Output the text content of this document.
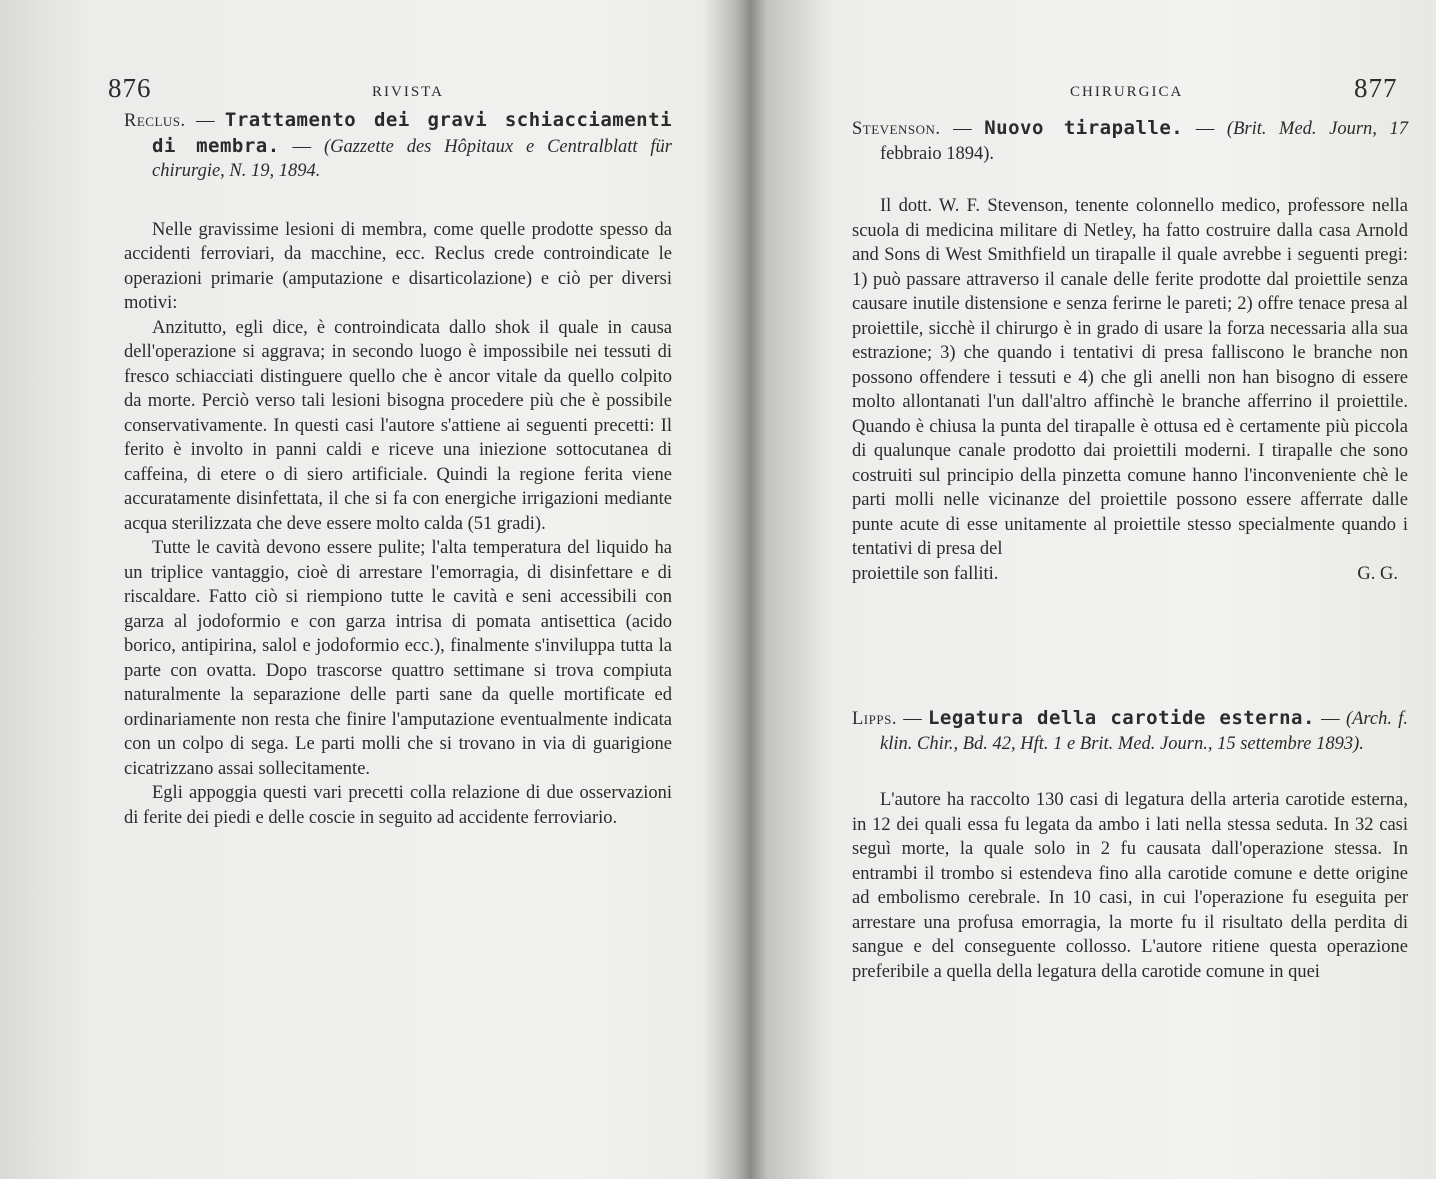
876	RIVISTA

Reclus. — Trattamento dei gravi schiacciamenti di membra. — (Gazzette des Hôpitaux e Centralblatt für chirurgie, N. 19, 1894.

Nelle gravissime lesioni di membra, come quelle prodotte spesso da accidenti ferroviari, da macchine, ecc. Reclus crede controindicate le operazioni primarie (amputazione e disarticolazione) e ciò per diversi motivi:

Anzitutto, egli dice, è controindicata dallo shok il quale in causa dell'operazione si aggrava; in secondo luogo è impossibile nei tessuti di fresco schiacciati distinguere quello che è ancor vitale da quello colpito da morte. Perciò verso tali lesioni bisogna procedere più che è possibile conservativamente. In questi casi l'autore s'attiene ai seguenti precetti: Il ferito è involto in panni caldi e riceve una iniezione sottocutanea di caffeina, di etere o di siero artificiale. Quindi la regione ferita viene accuratamente disinfettata, il che si fa con energiche irrigazioni mediante acqua sterilizzata che deve essere molto calda (51 gradi).

Tutte le cavità devono essere pulite; l'alta temperatura del liquido ha un triplice vantaggio, cioè di arrestare l'emorragia, di disinfettare e di riscaldare. Fatto ciò si riempiono tutte le cavità e seni accessibili con garza al jodoformio e con garza intrisa di pomata antisettica (acido borico, antipirina, salol e jodoformio ecc.), finalmente s'inviluppa tutta la parte con ovatta. Dopo trascorse quattro settimane si trova compiuta naturalmente la separazione delle parti sane da quelle mortificate ed ordinariamente non resta che finire l'amputazione eventualmente indicata con un colpo di sega. Le parti molli che si trovano in via di guarigione cicatrizzano assai sollecitamente.

Egli appoggia questi vari precetti colla relazione di due osservazioni di ferite dei piedi e delle coscie in seguito ad accidente ferroviario.

CHIRURGICA	877

Stevenson. — Nuovo tirapalle. — (Brit. Med. Journ, 17 febbraio 1894).

Il dott. W. F. Stevenson, tenente colonnello medico, professore nella scuola di medicina militare di Netley, ha fatto costruire dalla casa Arnold and Sons di West Smithfield un tirapalle il quale avrebbe i seguenti pregi: 1) può passare attraverso il canale delle ferite prodotte dal proiettile senza causare inutile distensione e senza ferirne le pareti; 2) offre tenace presa al proiettile, sicchè il chirurgo è in grado di usare la forza necessaria alla sua estrazione; 3) che quando i tentativi di presa falliscono le branche non possono offendere i tessuti e 4) che gli anelli non han bisogno di essere molto allontanati l'un dall'altro affinchè le branche afferrino il proiettile. Quando è chiusa la punta del tirapalle è ottusa ed è certamente più piccola di qualunque canale prodotto dai proiettili moderni. I tirapalle che sono costruiti sul principio della pinzetta comune hanno l'inconveniente chè le parti molli nelle vicinanze del proiettile possono essere afferrate dalle punte acute di esse unitamente al proiettile stesso specialmente quando i tentativi di presa del

proiettile son falliti.	G. G.

Lipps. — Legatura della carotide esterna. — (Arch. f. klin. Chir., Bd. 42, Hft. 1 e Brit. Med. Journ., 15 settembre 1893).

L'autore ha raccolto 130 casi di legatura della arteria carotide esterna, in 12 dei quali essa fu legata da ambo i lati nella stessa seduta. In 32 casi seguì morte, la quale solo in 2 fu causata dall'operazione stessa. In entrambi il trombo si estendeva fino alla carotide comune e dette origine ad embolismo cerebrale. In 10 casi, in cui l'operazione fu eseguita per arrestare una profusa emorragia, la morte fu il risultato della perdita di sangue e del conseguente collosso. L'autore ritiene questa operazione preferibile a quella della legatura della carotide comune in quei
